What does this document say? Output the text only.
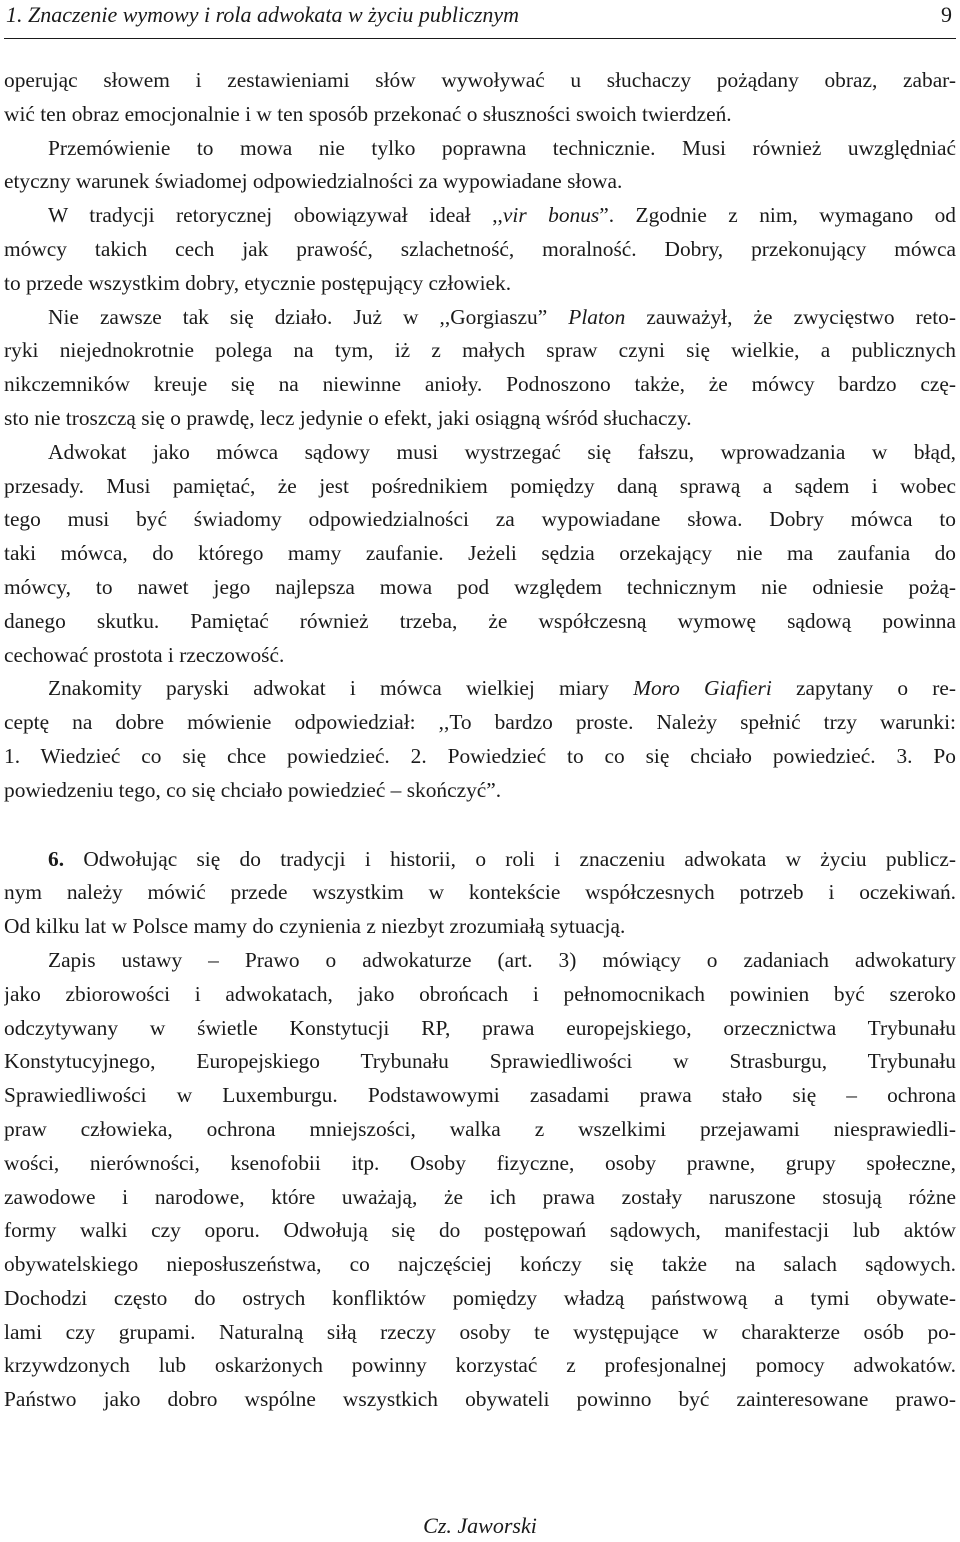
1. Znaczenie wymowy i rola adwokata w życiu publicznym	9
operując słowem i zestawieniami słów wywoływać u słuchaczy pożądany obraz, zabar-
wić ten obraz emocjonalnie i w ten sposób przekonać o słuszności swoich twierdzeń.
Przemówienie to mowa nie tylko poprawna technicznie. Musi również uwzględniać
etyczny warunek świadomej odpowiedzialności za wypowiadane słowa.
W tradycji retorycznej obowiązywał ideał ,,vir bonus”. Zgodnie z nim, wymagano od
mówcy takich cech jak prawość, szlachetność, moralność. Dobry, przekonujący mówca
to przede wszystkim dobry, etycznie postępujący człowiek.
Nie zawsze tak się działo. Już w ,,Gorgiaszu” Platon zauważył, że zwycięstwo reto-
ryki niejednokrotnie polega na tym, iż z małych spraw czyni się wielkie, a publicznych
nikczemników kreuje się na niewinne anioły. Podnoszono także, że mówcy bardzo czę-
sto nie troszczą się o prawdę, lecz jedynie o efekt, jaki osiągną wśród słuchaczy.
Adwokat jako mówca sądowy musi wystrzegać się fałszu, wprowadzania w błąd,
przesady. Musi pamiętać, że jest pośrednikiem pomiędzy daną sprawą a sądem i wobec
tego musi być świadomy odpowiedzialności za wypowiadane słowa. Dobry mówca to
taki mówca, do którego mamy zaufanie. Jeżeli sędzia orzekający nie ma zaufania do
mówcy, to nawet jego najlepsza mowa pod względem technicznym nie odniesie pożą-
danego skutku. Pamiętać również trzeba, że współczesną wymowę sądową powinna
cechować prostota i rzeczowość.
Znakomity paryski adwokat i mówca wielkiej miary Moro Giafieri zapytany o re-
ceptę na dobre mówienie odpowiedział: ,,To bardzo proste. Należy spełnić trzy warunki:
1. Wiedzieć co się chce powiedzieć. 2. Powiedzieć to co się chciało powiedzieć. 3. Po
powiedzeniu tego, co się chciało powiedzieć – skończyć”.
6. Odwołując się do tradycji i historii, o roli i znaczeniu adwokata w życiu publicz-
nym należy mówić przede wszystkim w kontekście współczesnych potrzeb i oczekiwań.
Od kilku lat w Polsce mamy do czynienia z niezbyt zrozumiałą sytuacją.
Zapis ustawy – Prawo o adwokaturze (art. 3) mówiący o zadaniach adwokatury
jako zbiorowości i adwokatach, jako obrońcach i pełnomocnikach powinien być szeroko
odczytywany w świetle Konstytucji RP, prawa europejskiego, orzecznictwa Trybunału
Konstytucyjnego, Europejskiego Trybunału Sprawiedliwości w Strasburgu, Trybunału
Sprawiedliwości w Luxemburgu. Podstawowymi zasadami prawa stało się – ochrona
praw człowieka, ochrona mniejszości, walka z wszelkimi przejawami niesprawiedli-
wości, nierówności, ksenofobii itp. Osoby fizyczne, osoby prawne, grupy społeczne,
zawodowe i narodowe, które uważają, że ich prawa zostały naruszone stosują różne
formy walki czy oporu. Odwołują się do postępowań sądowych, manifestacji lub aktów
obywatelskiego nieposłuszeństwa, co najczęściej kończy się także na salach sądowych.
Dochodzi często do ostrych konfliktów pomiędzy władzą państwową a tymi obywate-
lami czy grupami. Naturalną siłą rzeczy osoby te występujące w charakterze osób po-
krzywdzonych lub oskarżonych powinny korzystać z profesjonalnej pomocy adwokatów.
Państwo jako dobro wspólne wszystkich obywateli powinno być zainteresowane prawo-
Cz. Jaworski
